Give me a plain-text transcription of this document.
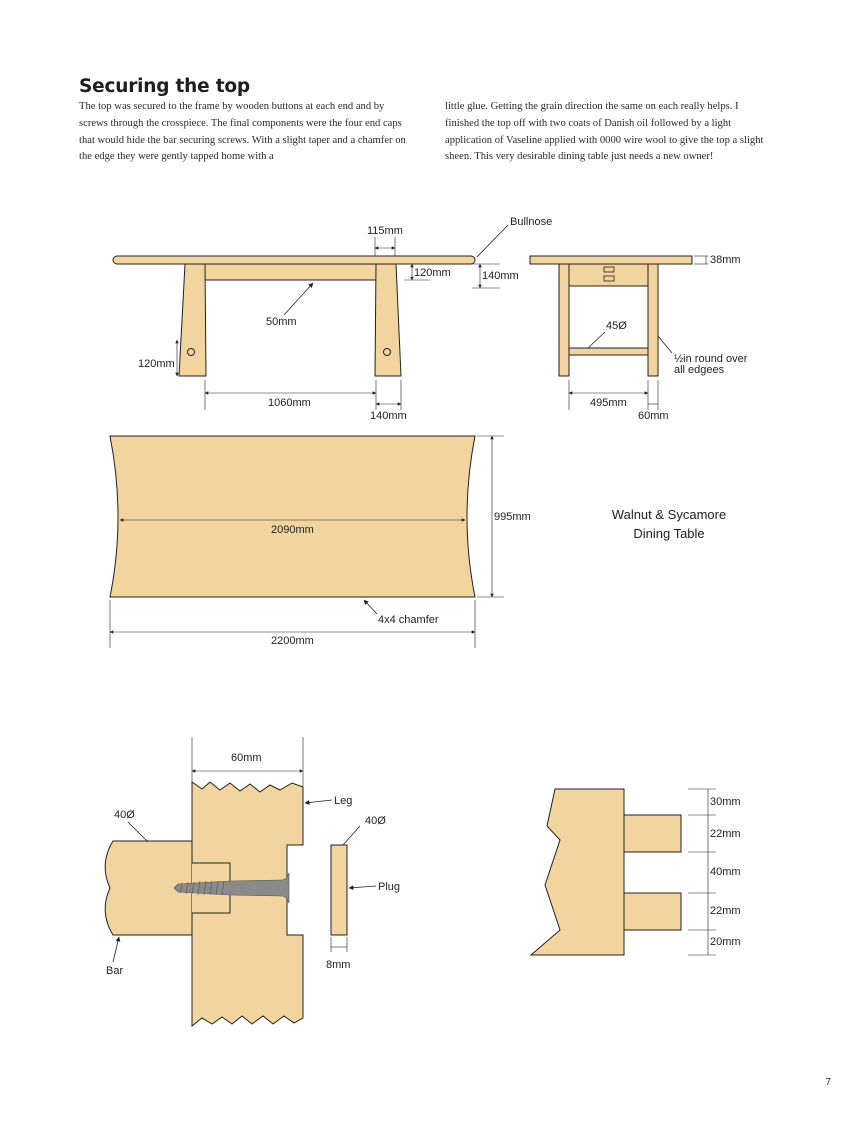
Securing the top

The top was secured to the frame by wooden buttons at each end and by screws through the crosspiece. The final components were the four end caps that would hide the bar securing screws. With a slight taper and a chamfer on the edge they were gently tapped home with a

little glue. Getting the grain direction the same on each really helps. I finished the top off with two coats of Danish oil followed by a light application of Vaseline applied with 0000 wire wool to give the top a slight sheen. This very desirable dining table just needs a new owner!

Bullnose
115mm
120mm	140mm
50mm
120mm
1060mm
140mm
38mm
45Ø
½in round over
all edgees
495mm
60mm
2090mm
995mm
4x4 chamfer
2200mm
Walnut & Sycamore
Dining Table
60mm
Leg
40Ø	40Ø
Plug
8mm
Bar
30mm
22mm
40mm
22mm
20mm
7
